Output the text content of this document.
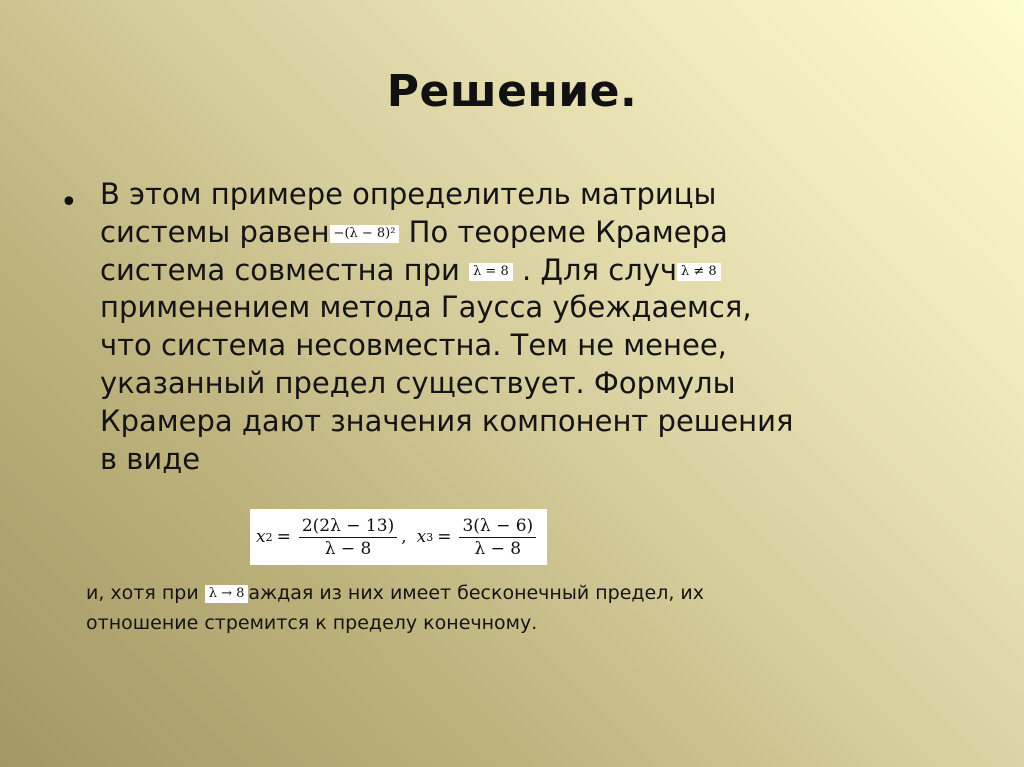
Решение.
• В этом примере определитель матрицы
системы равен −(λ − 8)² По теореме Крамера
система совместна при λ = 8 . Для случ λ ≠ 8
применением метода Гаусса убеждаемся,
что система несовместна. Тем не менее,
указанный предел существует. Формулы
Крамера дают значения компонент решения
в виде
x $2 = \frac{2(2\lambda - 13)}{\lambda - 8}$ , x $3 = \frac{3(\lambda - 6)}{\lambda - 8}$
и, хотя при λ → 8 аждая из них имеет бесконечный предел, их
отношение стремится к пределу конечному.
